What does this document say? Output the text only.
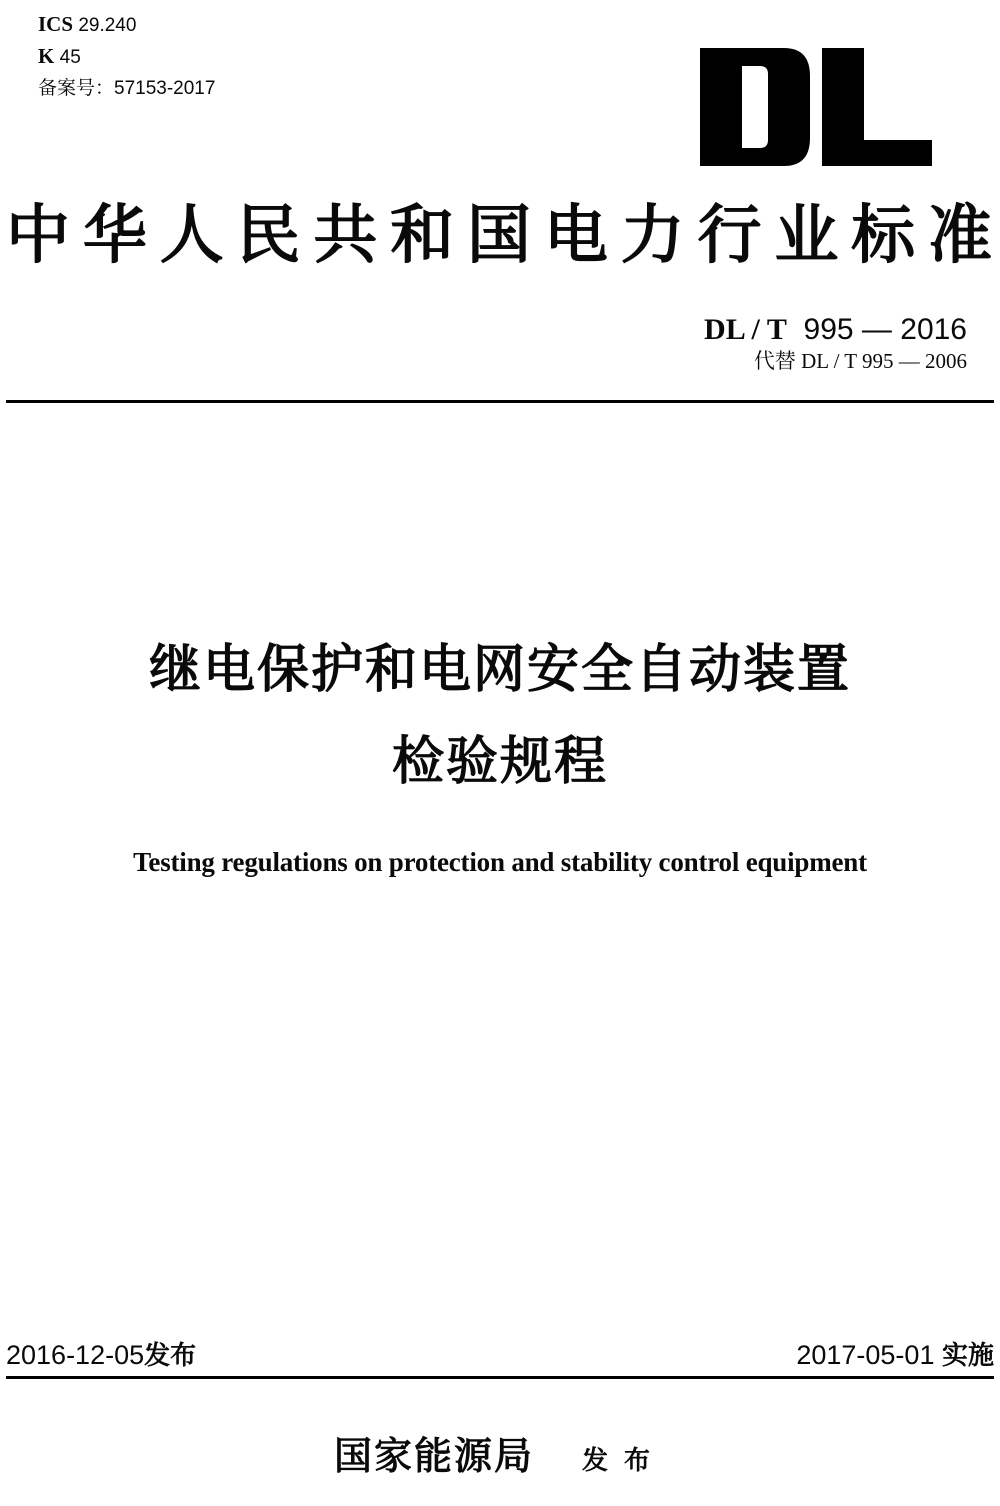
ICS 29.240
K 45
备案号：57153-2017
中华人民共和国电力行业标准
DL / T 995 — 2016
代替 DL / T 995 — 2006
继电保护和电网安全自动装置
检验规程
Testing regulations on protection and stability control equipment
2016-12-05发布	2017-05-01 实施
国家能源局 发布
